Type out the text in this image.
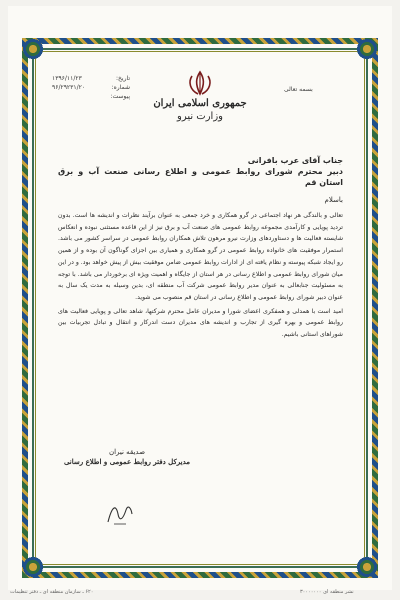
جمهوری اسلامی ایران
وزارت نیرو
بسمه تعالی
تاریخ:
۱۳۹۶/۱۱/۲۳
شماره:
۹۶/۲۹۲۳۱/۲۰
پیوست:

جناب آقای عرب بافرانی

دبیر محترم شورای روابط عمومی و اطلاع رسانی صنعت آب و برق استان قم

باسلام

تعالی و بالندگی هر نهاد اجتماعی در گرو همکاری و خرد جمعی به عنوان برآیند نظرات و اندیشه ها است. بدون تردید پویایی و کارآمدی مجموعه روابط عمومی های صنعت آب و برق نیز از این قاعده مستثنی نبوده و انعکاس شایسته فعالیت ها و دستاوردهای وزارت نیرو مرهون تلاش همکاران روابط عمومی در سراسر کشور می باشد. استمرار موفقیت های خانواده روابط عمومی در گرو همکاری و همیاری بین اجزای گوناگون آن بوده و از همین رو ایجاد شبکه پیوسته و نظام یافته ای از ادارات روابط عمومی ضامن موفقیت بیش از پیش خواهد بود. و در این میان شورای روابط عمومی و اطلاع رسانی در هر استان از جایگاه و اهمیت ویژه ای برخوردار می باشد. با توجه به مسئولیت جنابعالی به عنوان مدیر روابط عمومی شرکت آب منطقه ای، بدین وسیله به مدت یک سال به عنوان دبیر شورای روابط عمومی و اطلاع رسانی در استان قم منصوب می شوید.

امید است با همدلی و همفکری اعضای شورا و مدیران عامل محترم شرکتها، شاهد تعالی و پویایی فعالیت های روابط عمومی و بهره گیری از تجارب و اندیشه های مدیران دست اندرکار و انتقال و تبادل تجربیات بین شوراهای استانی باشیم.

صدیقه نیران
مدیرکل دفتر روابط عمومی و اطلاع رسانی
۶۲۰ ـ سازمان منطقه ای ـ دفتر تنظیمات	نشر منطقه ای ۳۰۰۰۰۰۰۰
